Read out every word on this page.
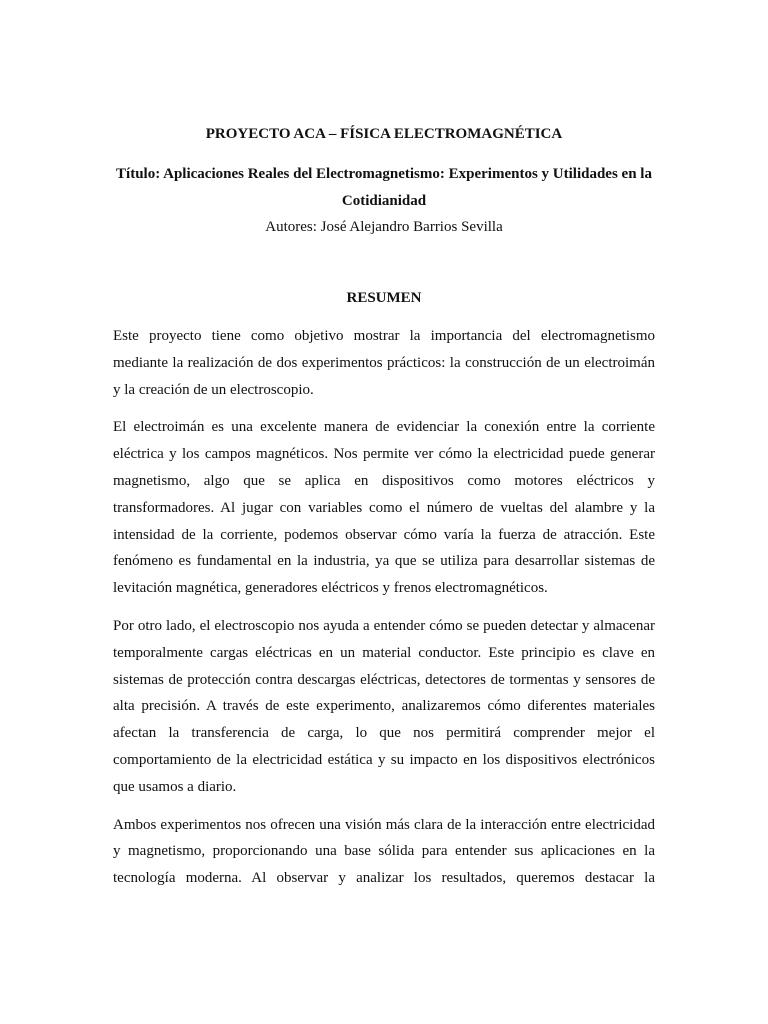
PROYECTO ACA – FÍSICA ELECTROMAGNÉTICA

Título: Aplicaciones Reales del Electromagnetismo: Experimentos y Utilidades en la Cotidianidad

Autores: José Alejandro Barrios Sevilla

RESUMEN

Este proyecto tiene como objetivo mostrar la importancia del electromagnetismo mediante la realización de dos experimentos prácticos: la construcción de un electroimán y la creación de un electroscopio.

El electroimán es una excelente manera de evidenciar la conexión entre la corriente eléctrica y los campos magnéticos. Nos permite ver cómo la electricidad puede generar magnetismo, algo que se aplica en dispositivos como motores eléctricos y transformadores. Al jugar con variables como el número de vueltas del alambre y la intensidad de la corriente, podemos observar cómo varía la fuerza de atracción. Este fenómeno es fundamental en la industria, ya que se utiliza para desarrollar sistemas de levitación magnética, generadores eléctricos y frenos electromagnéticos.

Por otro lado, el electroscopio nos ayuda a entender cómo se pueden detectar y almacenar temporalmente cargas eléctricas en un material conductor. Este principio es clave en sistemas de protección contra descargas eléctricas, detectores de tormentas y sensores de alta precisión. A través de este experimento, analizaremos cómo diferentes materiales afectan la transferencia de carga, lo que nos permitirá comprender mejor el comportamiento de la electricidad estática y su impacto en los dispositivos electrónicos que usamos a diario.

Ambos experimentos nos ofrecen una visión más clara de la interacción entre electricidad y magnetismo, proporcionando una base sólida para entender sus aplicaciones en la tecnología moderna. Al observar y analizar los resultados, queremos destacar la
